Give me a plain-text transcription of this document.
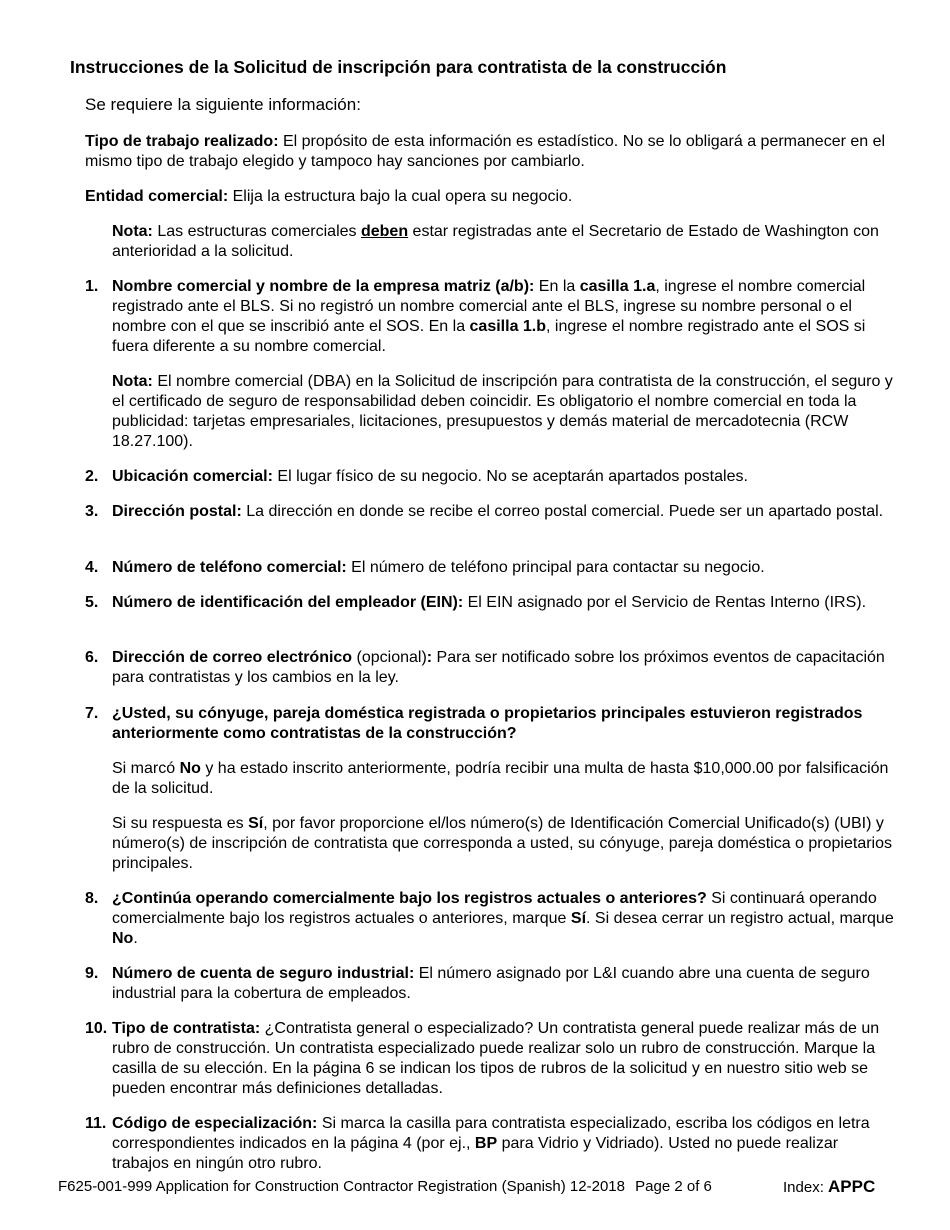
Instrucciones de la Solicitud de inscripción para contratista de la construcción

Se requiere la siguiente información:

Tipo de trabajo realizado: El propósito de esta información es estadístico. No se lo obligará a permanecer en el mismo tipo de trabajo elegido y tampoco hay sanciones por cambiarlo.

Entidad comercial: Elija la estructura bajo la cual opera su negocio.

Nota: Las estructuras comerciales deben estar registradas ante el Secretario de Estado de Washington con anterioridad a la solicitud.

1. Nombre comercial y nombre de la empresa matriz (a/b): En la casilla 1.a, ingrese el nombre comercial registrado ante el BLS. Si no registró un nombre comercial ante el BLS, ingrese su nombre personal o el nombre con el que se inscribió ante el SOS. En la casilla 1.b, ingrese el nombre registrado ante el SOS si fuera diferente a su nombre comercial.

Nota: El nombre comercial (DBA) en la Solicitud de inscripción para contratista de la construcción, el seguro y el certificado de seguro de responsabilidad deben coincidir. Es obligatorio el nombre comercial en toda la publicidad: tarjetas empresariales, licitaciones, presupuestos y demás material de mercadotecnia (RCW 18.27.100).

2. Ubicación comercial: El lugar físico de su negocio. No se aceptarán apartados postales.
3. Dirección postal: La dirección en donde se recibe el correo postal comercial. Puede ser un apartado postal.
4. Número de teléfono comercial: El número de teléfono principal para contactar su negocio.
5. Número de identificación del empleador (EIN): El EIN asignado por el Servicio de Rentas Interno (IRS).
6. Dirección de correo electrónico (opcional): Para ser notificado sobre los próximos eventos de capacitación para contratistas y los cambios en la ley.
7. ¿Usted, su cónyuge, pareja doméstica registrada o propietarios principales estuvieron registrados anteriormente como contratistas de la construcción?

Si marcó No y ha estado inscrito anteriormente, podría recibir una multa de hasta $10,000.00 por falsificación de la solicitud.

Si su respuesta es Sí, por favor proporcione el/los número(s) de Identificación Comercial Unificado(s) (UBI) y número(s) de inscripción de contratista que corresponda a usted, su cónyuge, pareja doméstica o propietarios principales.

8. ¿Continúa operando comercialmente bajo los registros actuales o anteriores? Si continuará operando comercialmente bajo los registros actuales o anteriores, marque Sí. Si desea cerrar un registro actual, marque No.
9. Número de cuenta de seguro industrial: El número asignado por L&I cuando abre una cuenta de seguro industrial para la cobertura de empleados.
10. Tipo de contratista: ¿Contratista general o especializado? Un contratista general puede realizar más de un rubro de construcción. Un contratista especializado puede realizar solo un rubro de construcción. Marque la casilla de su elección. En la página 6 se indican los tipos de rubros de la solicitud y en nuestro sitio web se pueden encontrar más definiciones detalladas.
11. Código de especialización: Si marca la casilla para contratista especializado, escriba los códigos en letra correspondientes indicados en la página 4 (por ej., BP para Vidrio y Vidriado). Usted no puede realizar trabajos en ningún otro rubro.
F625-001-999 Application for Construction Contractor Registration (Spanish) 12-2018 Page 2 of 6	Index: APPC
